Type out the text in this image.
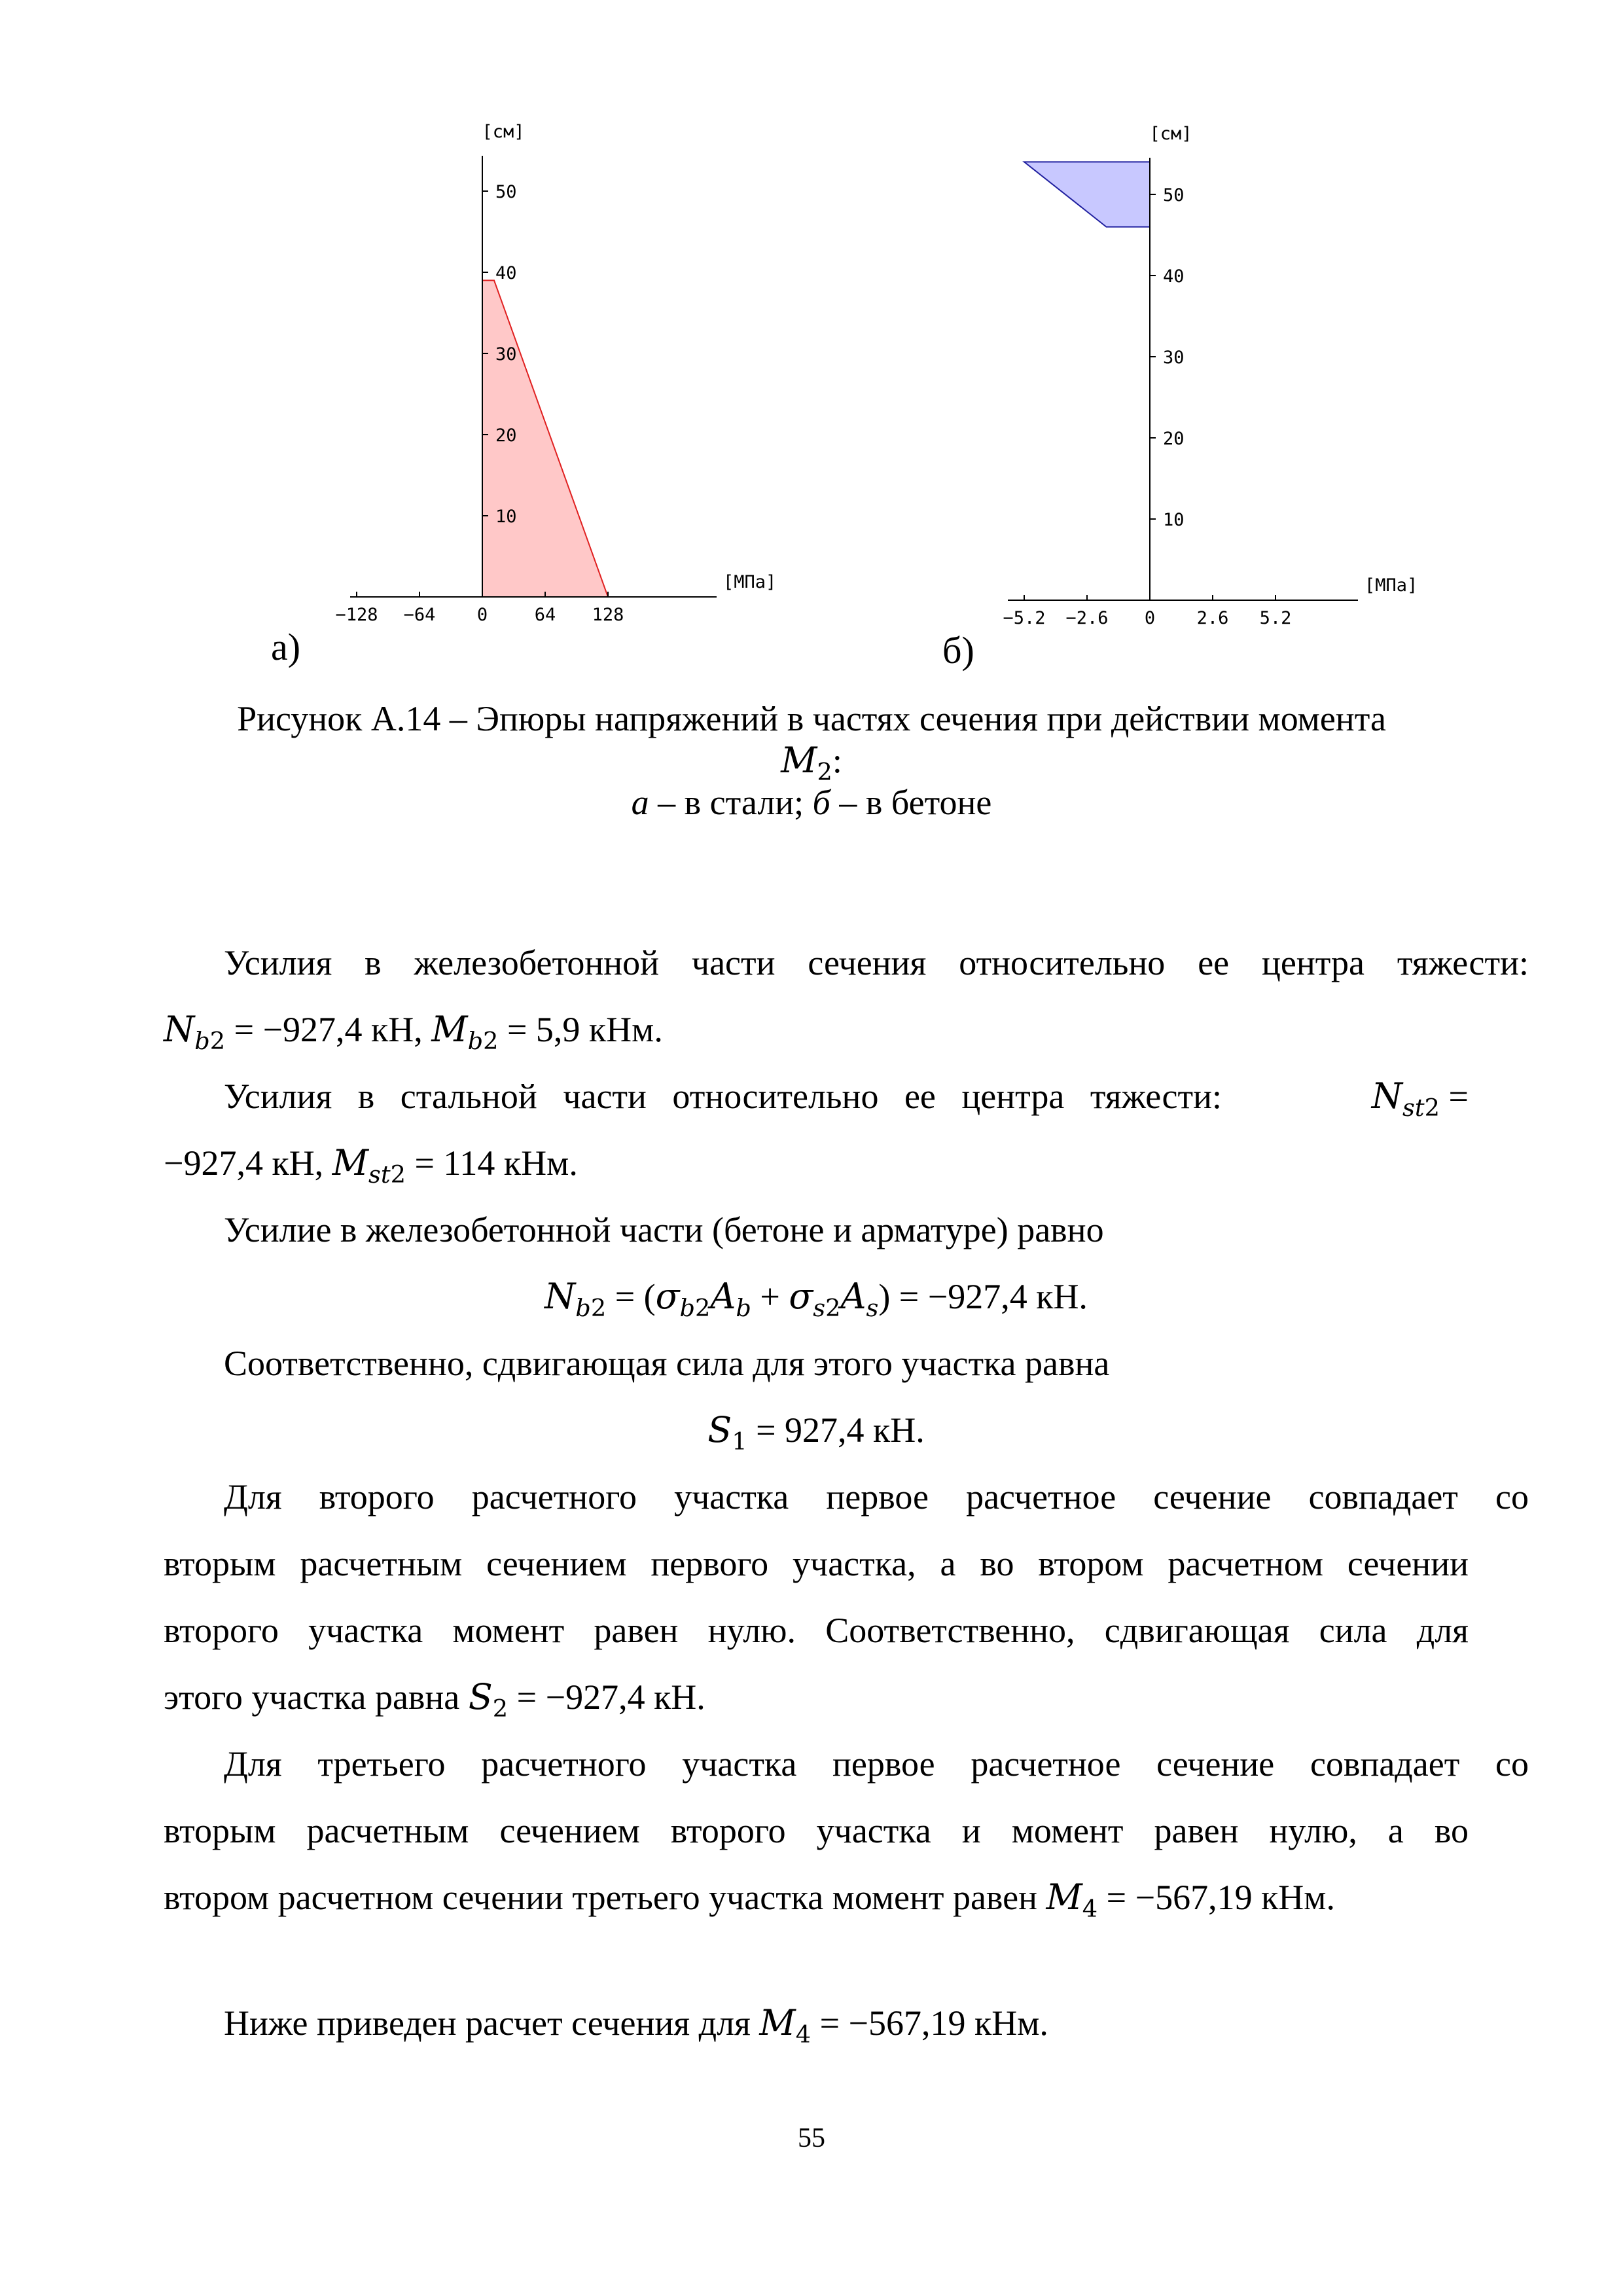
−128 −64 0	64 128
10
20
30
40
50
[см]
[МПа]
а)
−5.2 −2.6 0 2.6 5.2
10
20
30
40
50
[см]
[МПа]
б)
Рисунок А.14 – Эпюры напряжений в частях сечения при действии момента
$M_2$:
а – в стали; б – в бетоне
Усилия в железобетонной части сечения относительно ее центра тяжести:
$N_{b2} = -927,4$ кН, $M_{b2} = 5,9$ кНм.
Усилия в стальной части относительно ее центра тяжести:	$N_{st2}$ =
−927,4 кН, $M_{st2} = 114$ кНм.
Усилие в железобетонной части (бетоне и арматуре) равно
$N_{b2} = (\sigma_{b2}A_b + \sigma_{s2}A_s) = -927,4$ кН.
Соответственно, сдвигающая сила для этого участка равна
$S_1 = 927,4$ кН.
Для второго расчетного участка первое расчетное сечение совпадает со
вторым расчетным сечением первого участка, а во втором расчетном сечении
второго участка момент равен нулю. Соответственно, сдвигающая сила для
этого участка равна $S_2 = -927,4$ кН.
Для третьего расчетного участка первое расчетное сечение совпадает со
вторым расчетным сечением второго участка и момент равен нулю, а во
втором расчетном сечении третьего участка момент равен $M_4 = -567,19$ кНм.
Ниже приведен расчет сечения для $M_4 = -567,19$ кНм.
55
